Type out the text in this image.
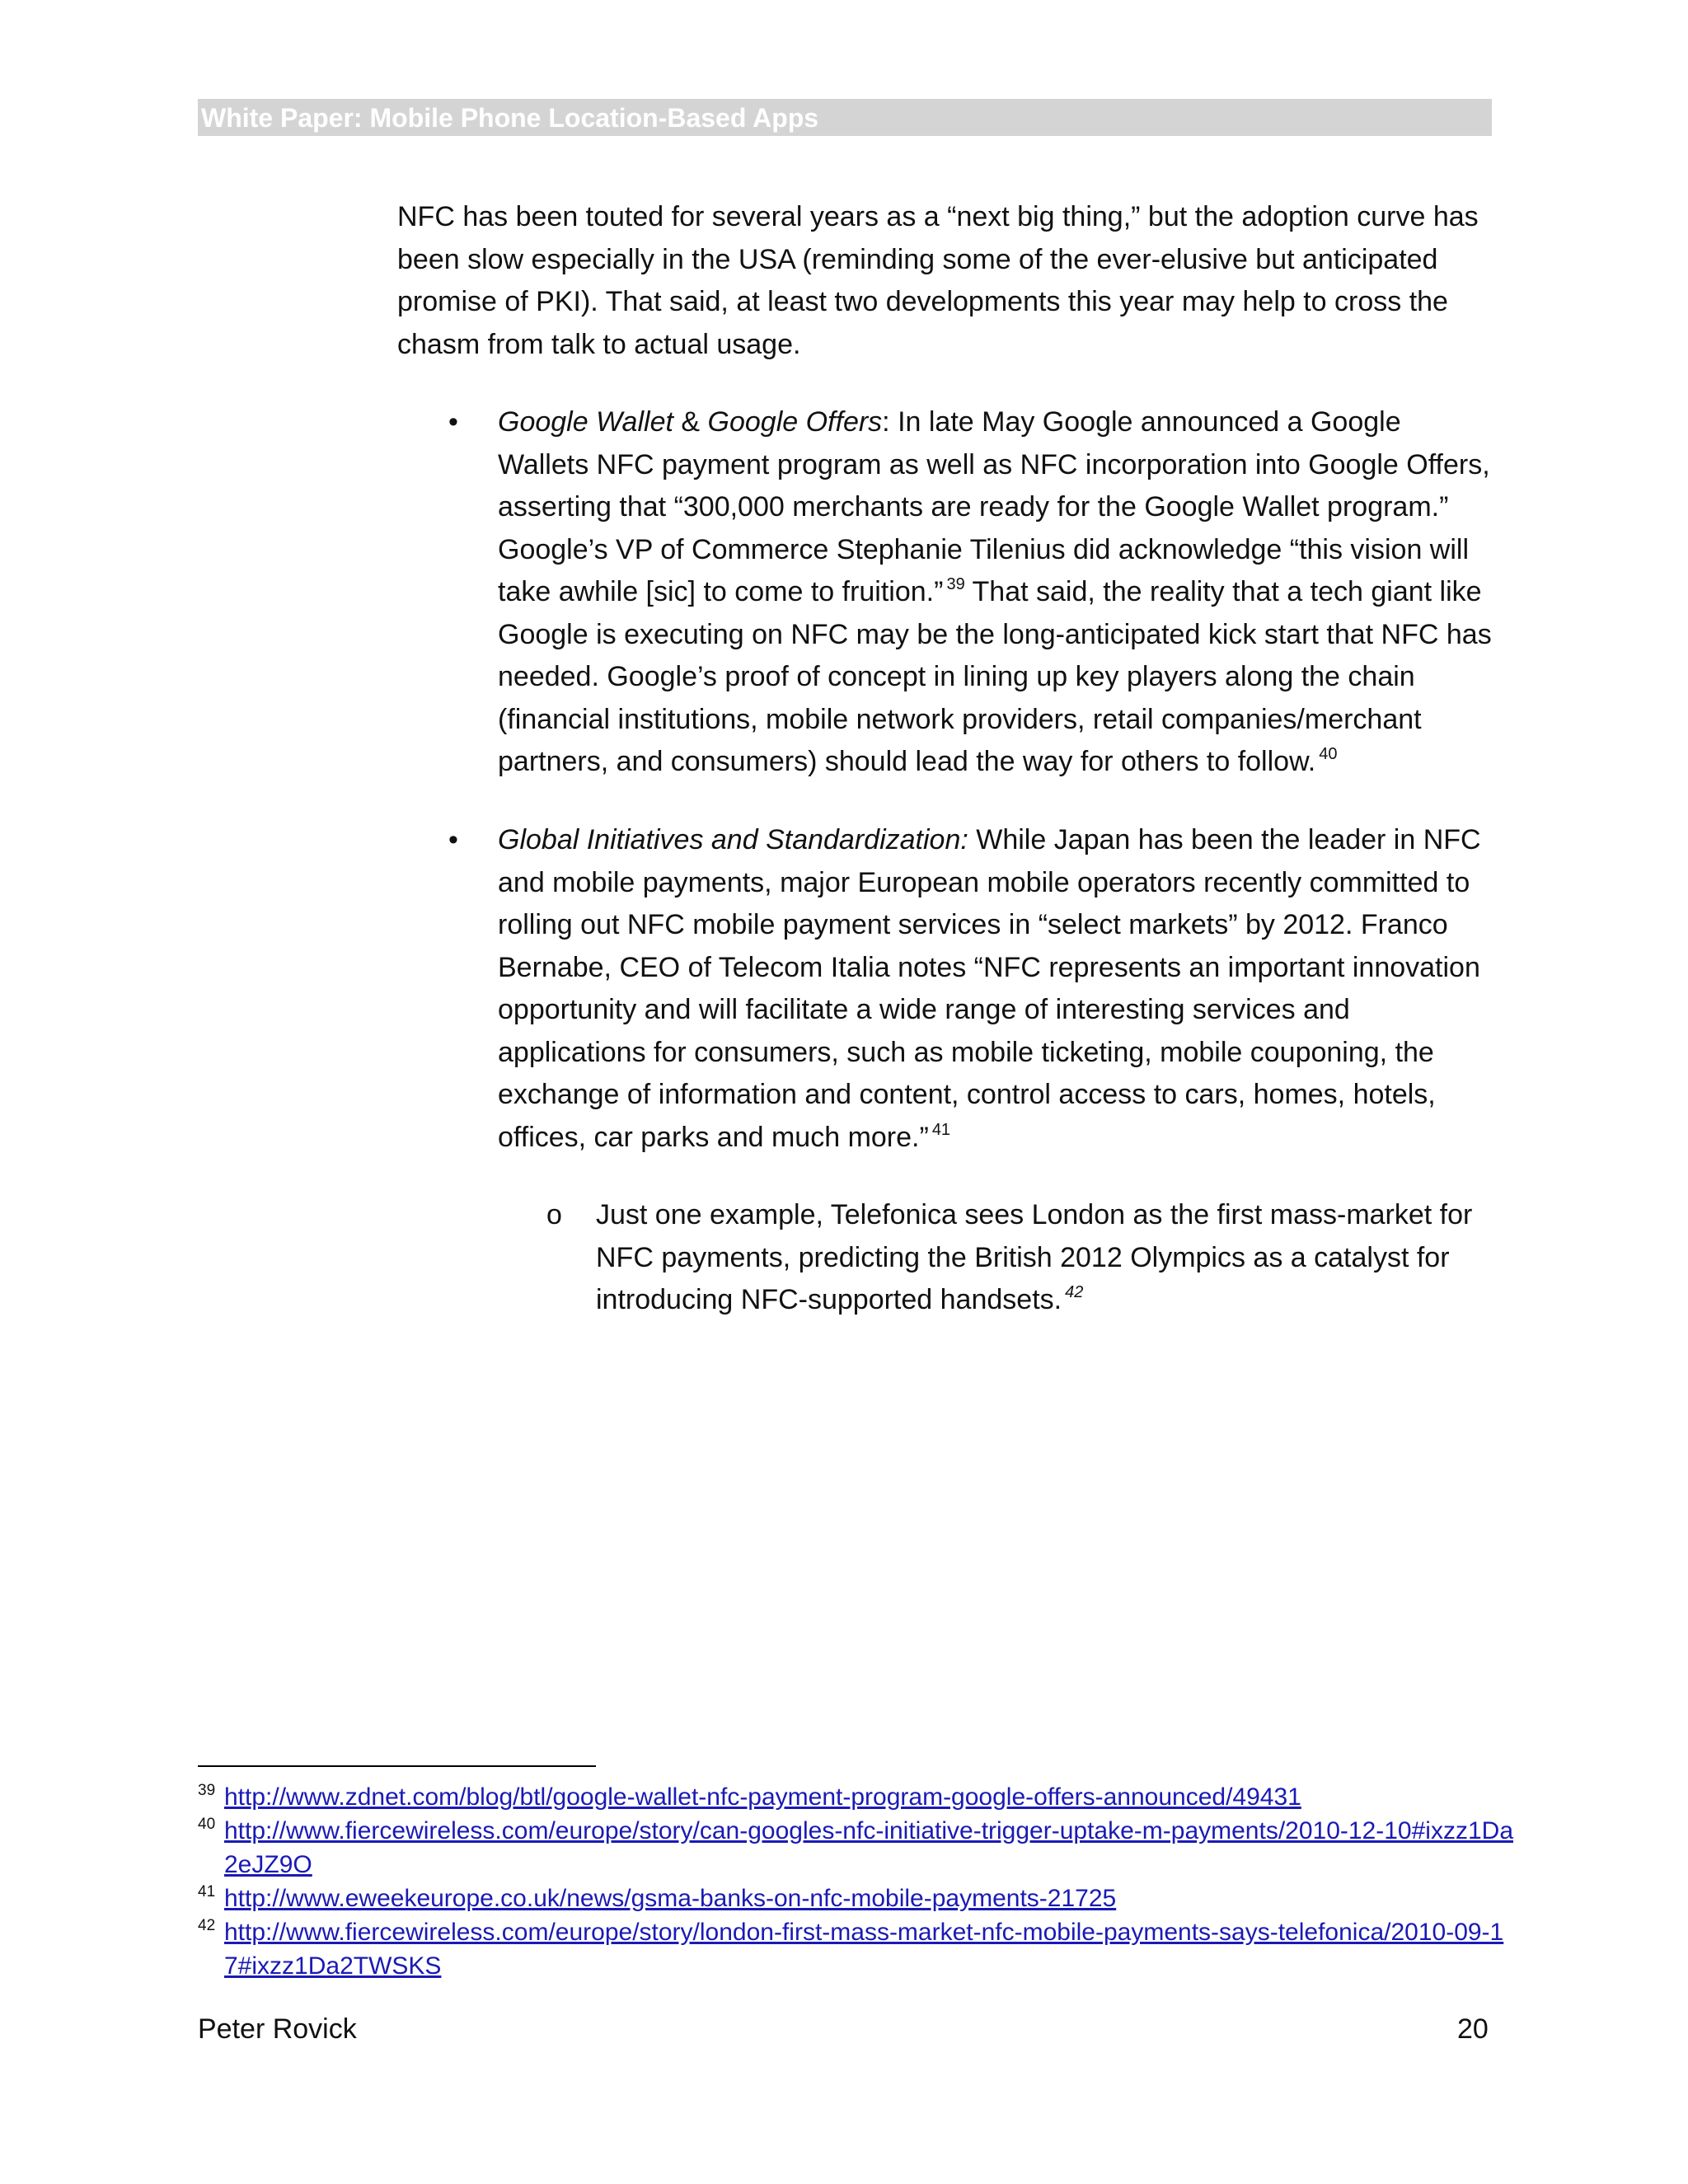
White Paper: Mobile Phone Location-Based Apps

NFC has been touted for several years as a “next big thing,” but the adoption curve has been slow especially in the USA (reminding some of the ever-elusive but anticipated promise of PKI). That said, at least two developments this year may help to cross the chasm from talk to actual usage.

• Google Wallet & Google Offers: In late May Google announced a Google Wallets NFC payment program as well as NFC incorporation into Google Offers, asserting that “300,000 merchants are ready for the Google Wallet program.” Google’s VP of Commerce Stephanie Tilenius did acknowledge “this vision will take awhile [sic] to come to fruition.” $^{39}$ That said, the reality that a tech giant like Google is executing on NFC may be the long-anticipated kick start that NFC has needed. Google’s proof of concept in lining up key players along the chain (financial institutions, mobile network providers, retail companies/merchant partners, and consumers) should lead the way for others to follow. $^{40}$
• Global Initiatives and Standardization: While Japan has been the leader in NFC and mobile payments, major European mobile operators recently committed to rolling out NFC mobile payment services in “select markets” by 2012. Franco Bernabe, CEO of Telecom Italia notes “NFC represents an important innovation opportunity and will facilitate a wide range of interesting services and applications for consumers, such as mobile ticketing, mobile couponing, the exchange of information and content, control access to cars, homes, hotels, offices, car parks and much more.” $^{41}$
o Just one example, Telefonica sees London as the first mass-market for NFC payments, predicting the British 2012 Olympics as a catalyst for introducing NFC-supported handsets. $^{42}$
39 http://www.zdnet.com/blog/btl/google-wallet-nfc-payment-program-google-offers-announced/49431
40 http://www.fiercewireless.com/europe/story/can-googles-nfc-initiative-trigger-uptake-m-payments/2010-12-10#ixzz1Da2eJZ9O
41 http://www.eweekeurope.co.uk/news/gsma-banks-on-nfc-mobile-payments-21725
42 http://www.fiercewireless.com/europe/story/london-first-mass-market-nfc-mobile-payments-says-telefonica/2010-09-17#ixzz1Da2TWSKS
Peter Rovick	20
